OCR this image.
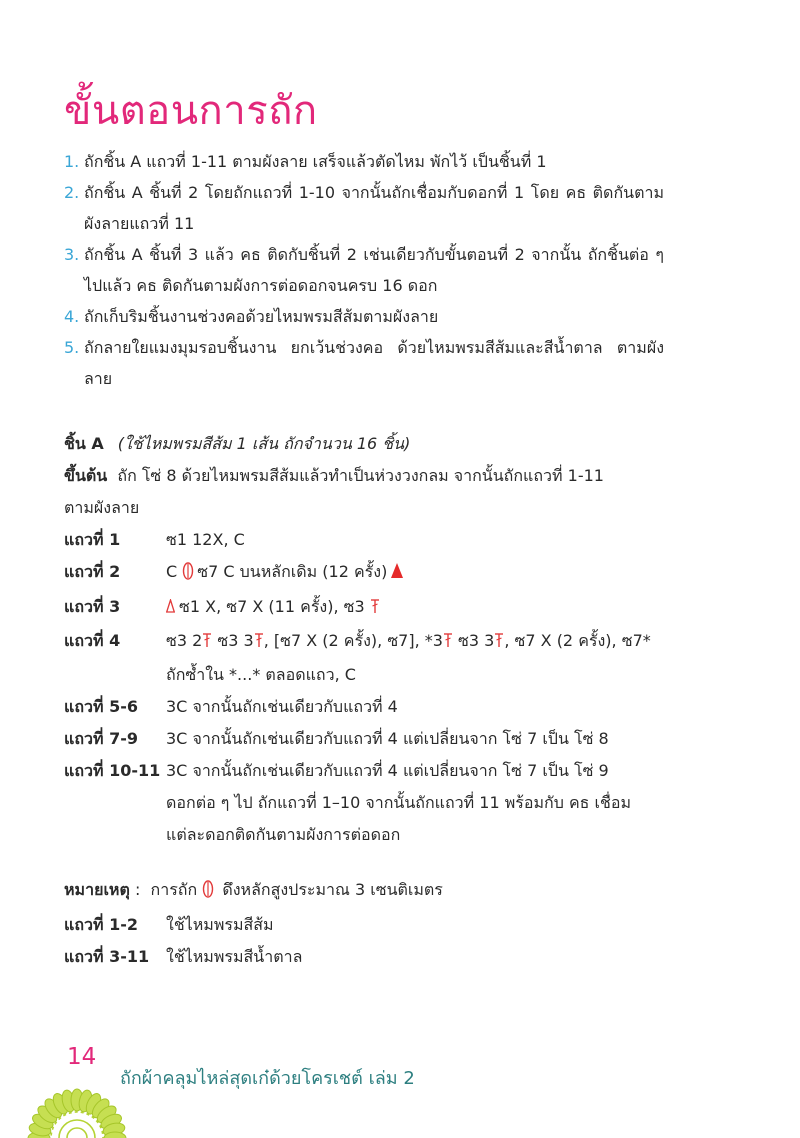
ขั้นตอนการถัก
1. ถักชิ้น A แถวที่ 1-11 ตามผังลาย เสร็จแล้วตัดไหม พักไว้ เป็นชิ้นที่ 1
2. ถักชิ้น A ชิ้นที่ 2 โดยถักแถวที่ 1-10 จากนั้นถักเชื่อมกับดอกที่ 1 โดย คธ ติดกันตามผังลายแถวที่ 11
3. ถักชิ้น A ชิ้นที่ 3 แล้ว คธ ติดกับชิ้นที่ 2 เช่นเดียวกับขั้นตอนที่ 2 จากนั้น ถักชิ้นต่อ ๆ ไปแล้ว คธ ติดกันตามผังการต่อดอกจนครบ 16 ดอก
4. ถักเก็บริมชิ้นงานช่วงคอด้วยไหมพรมสีส้มตามผังลาย
5. ถักลายใยแมงมุมรอบชิ้นงาน ยกเว้นช่วงคอ ด้วยไหมพรมสีส้มและสีน้ำตาล ตามผังลาย
ชิ้น A (ใช้ไหมพรมสีส้ม 1 เส้น ถักจำนวน 16 ชิ้น)
ขึ้นต้น ถัก โซ่ 8 ด้วยไหมพรมสีส้มแล้วทำเป็นห่วงวงกลม จากนั้นถักแถวที่ 1-11
ตามผังลาย
แถวที่ 1	ซ1 12X, C
แถวที่ 2	C ซ7 C บนหลักเดิม (12 ครั้ง)
แถวที่ 3	ซ1 X, ซ7 X (11 ครั้ง), ซ3
แถวที่ 4	ซ3 2 ซ3 3 , [ซ7 X (2 ครั้ง), ซ7], *3 ซ3 3 , ซ7 X (2 ครั้ง), ซ7*
ถักซ้ำใน *...* ตลอดแถว, C
แถวที่ 5-6	3C จากนั้นถักเช่นเดียวกับแถวที่ 4
แถวที่ 7-9	3C จากนั้นถักเช่นเดียวกับแถวที่ 4 แต่เปลี่ยนจาก โซ่ 7 เป็น โซ่ 8
แถวที่ 10-11 3C จากนั้นถักเช่นเดียวกับแถวที่ 4 แต่เปลี่ยนจาก โซ่ 7 เป็น โซ่ 9
ดอกต่อ ๆ ไป ถักแถวที่ 1–10 จากนั้นถักแถวที่ 11 พร้อมกับ คธ เชื่อม
แต่ละดอกติดกันตามผังการต่อดอก
หมายเหตุ : การถัก ดึงหลักสูงประมาณ 3 เซนติเมตร
แถวที่ 1-2	ใช้ไหมพรมสีส้ม
แถวที่ 3-11	ใช้ไหมพรมสีน้ำตาล
14
ถักผ้าคลุมไหล่สุดเก๋ด้วยโครเชต์ เล่ม 2
